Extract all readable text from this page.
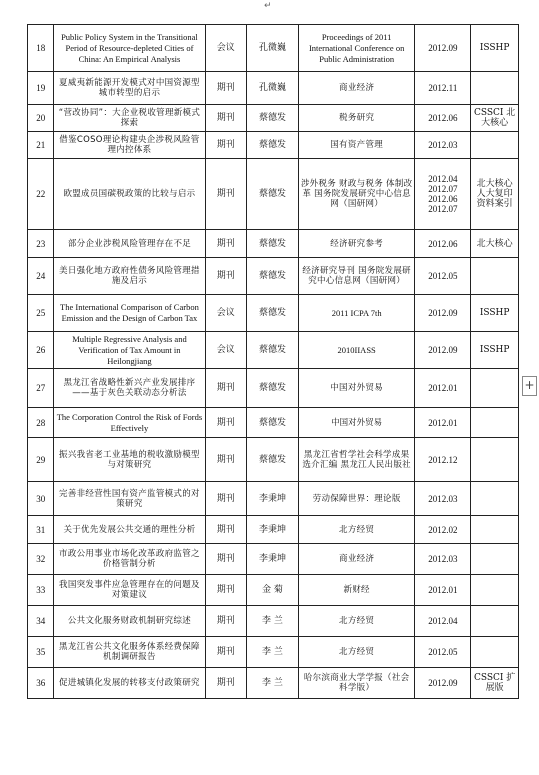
↵
18	Public Policy System in the Transitional Period of Resource-depleted Cities of China: An Empirical Analysis	会议	孔微巍	Proceedings of 2011 International Conference on Public Administration	2012.09	ISSHP
19	夏威夷新能源开发模式对中国资源型城市转型的启示	期刊	孔微巍	商业经济	2012.11	
20	“营改协同”：大企业税收管理新模式探索	期刊	蔡德发	税务研究	2012.06	CSSCI 北大核心
21	借鉴COSO理论构建央企涉税风险管理内控体系	期刊	蔡德发	国有资产管理	2012.03	
22	欧盟成员国碳税政策的比较与启示	期刊	蔡德发	涉外税务 财政与税务 体制改革 国务院发展研究中心信息网（国研网）	2012.04 2012.07 2012.06 2012.07	北大核心 人大复印资料案引
23	部分企业涉税风险管理存在不足	期刊	蔡德发	经济研究参考	2012.06	北大核心
24	美日强化地方政府性债务风险管理措施及启示	期刊	蔡德发	经济研究导刊 国务院发展研究中心信息网（国研网）	2012.05	
25	The International Comparison of Carbon Emission and the Design of Carbon Tax	会议	蔡德发	2011 ICPA 7th	2012.09	ISSHP
26	Multiple Regressive Analysis and Verification of Tax Amount in Heilongjiang	会议	蔡德发	2010IIASS	2012.09	ISSHP
27	黑龙江省战略性新兴产业发展排序——基于灰色关联动态分析法	期刊	蔡德发	中国对外贸易	2012.01	
28	The Corporation Control the Risk of Fords Effectively	期刊	蔡德发	中国对外贸易	2012.01	
29	振兴我省老工业基地的税收激励模型与对策研究	期刊	蔡德发	黑龙江省哲学社会科学成果选介汇编 黑龙江人民出版社	2012.12	
30	完善非经营性国有资产监管模式的对策研究	期刊	李秉坤	劳动保障世界：理论版	2012.03	
31	关于优先发展公共交通的理性分析	期刊	李秉坤	北方经贸	2012.02	
32	市政公用事业市场化改革政府监管之价格管制分析	期刊	李秉坤	商业经济	2012.03	
33	我国突发事件应急管理存在的问题及对策建议	期刊	金 菊	新财经	2012.01	
34	公共文化服务财政机制研究综述	期刊	李 兰	北方经贸	2012.04	
35	黑龙江省公共文化服务体系经费保障机制调研报告	期刊	李 兰	北方经贸	2012.05	
36	促进城镇化发展的转移支付政策研究	期刊	李 兰	哈尔滨商业大学学报（社会科学版）	2012.09	CSSCI 扩展版
+
